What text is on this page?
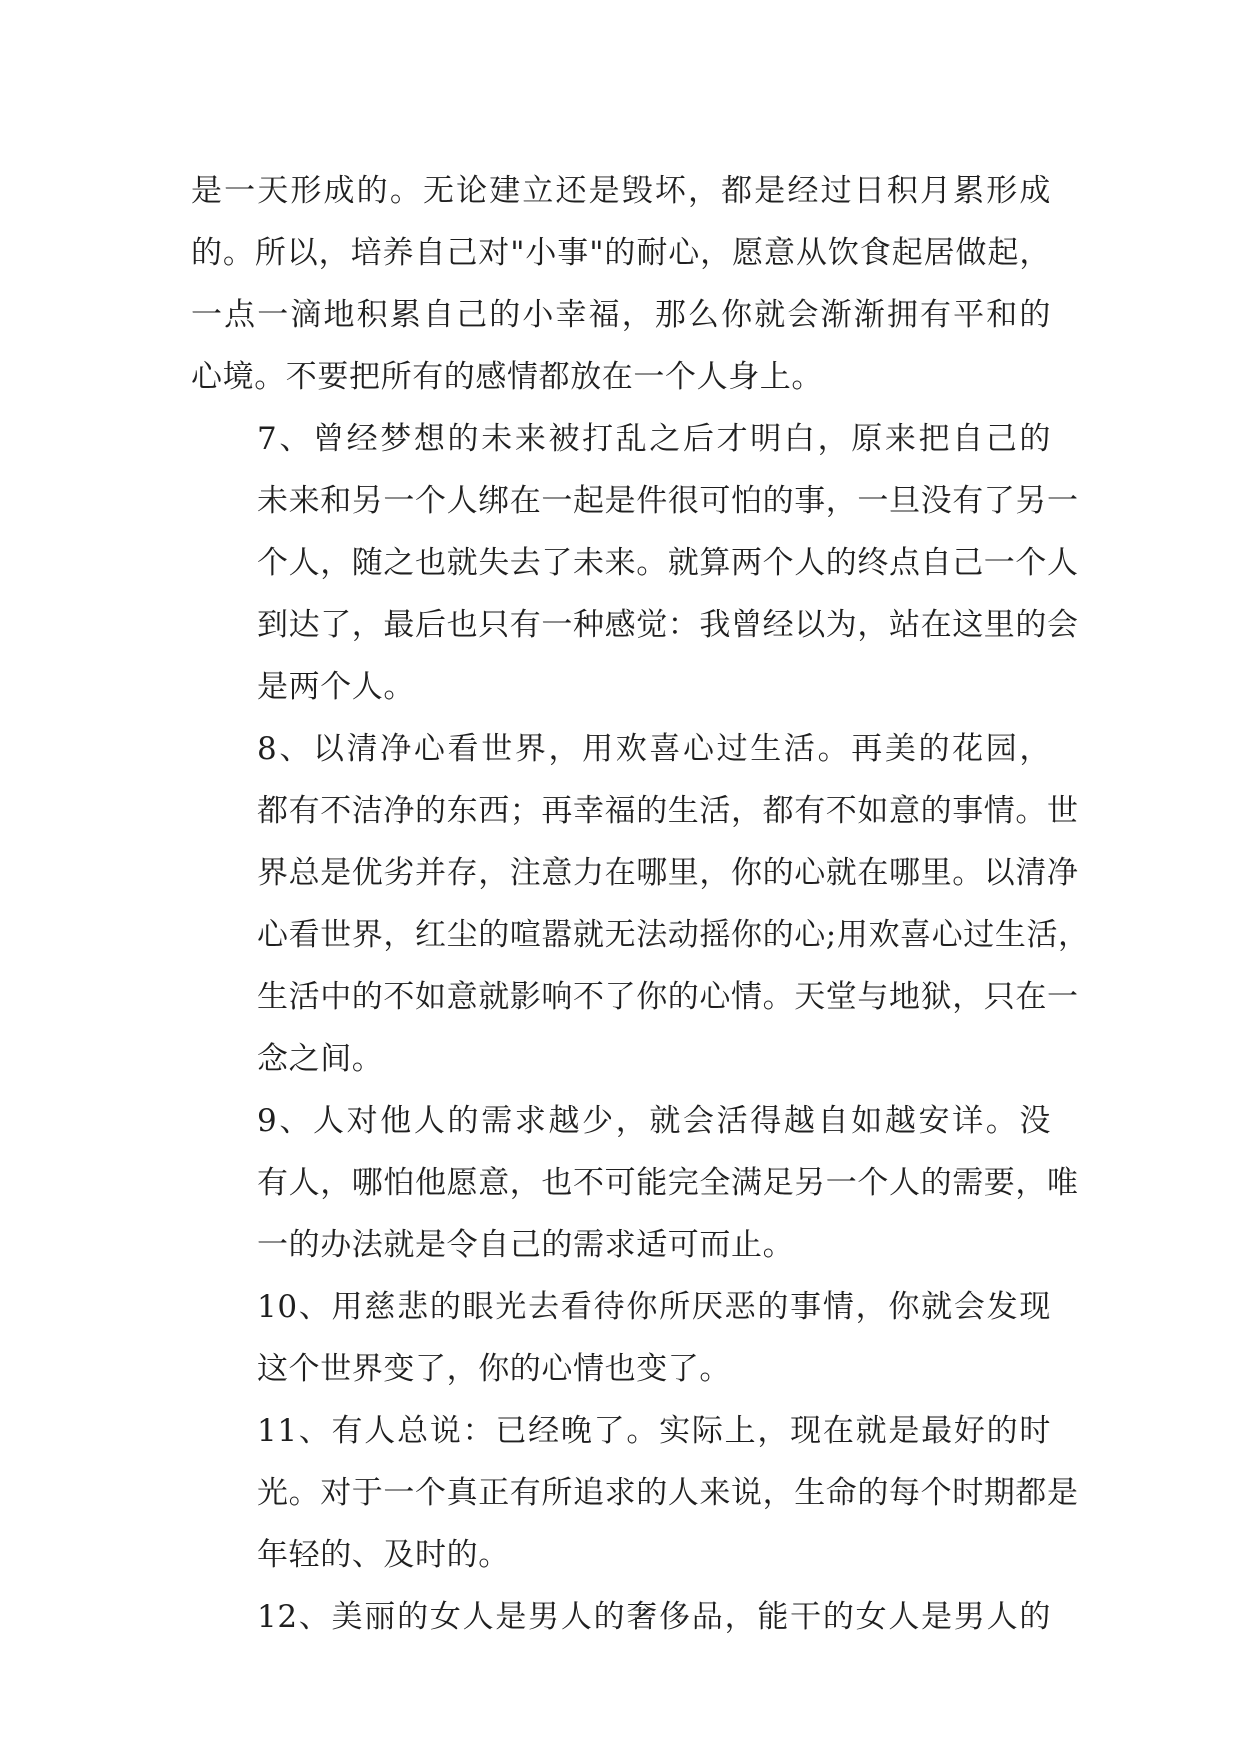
是一天形成的。无论建立还是毁坏，都是经过日积月累形成
的。所以，培养自己对"小事"的耐心，愿意从饮食起居做起，
一点一滴地积累自己的小幸福，那么你就会渐渐拥有平和的
心境。不要把所有的感情都放在一个人身上。

7、曾经梦想的未来被打乱之后才明白，原来把自己的
未来和另一个人绑在一起是件很可怕的事，一旦没有了另一
个人，随之也就失去了未来。就算两个人的终点自己一个人
到达了，最后也只有一种感觉：我曾经以为，站在这里的会
是两个人。

8、以清净心看世界，用欢喜心过生活。再美的花园，
都有不洁净的东西；再幸福的生活，都有不如意的事情。世
界总是优劣并存，注意力在哪里，你的心就在哪里。以清净
心看世界，红尘的喧嚣就无法动摇你的心;用欢喜心过生活，
生活中的不如意就影响不了你的心情。天堂与地狱，只在一
念之间。

9、人对他人的需求越少，就会活得越自如越安详。没
有人，哪怕他愿意，也不可能完全满足另一个人的需要，唯
一的办法就是令自己的需求适可而止。

10、用慈悲的眼光去看待你所厌恶的事情，你就会发现
这个世界变了，你的心情也变了。

11、有人总说：已经晚了。实际上，现在就是最好的时
光。对于一个真正有所追求的人来说，生命的每个时期都是
年轻的、及时的。

12、美丽的女人是男人的奢侈品，能干的女人是男人的
